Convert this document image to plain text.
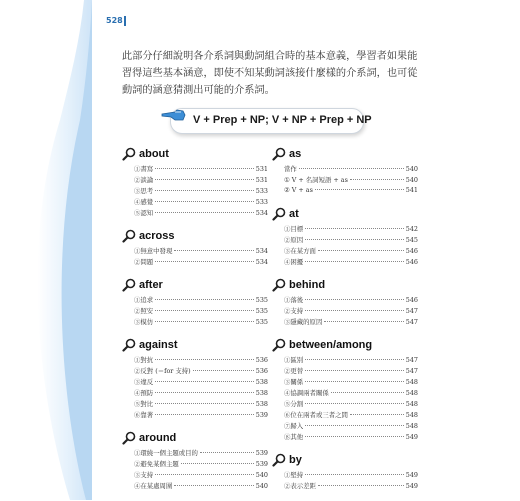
528
此部分仔細說明各介系詞與動詞組合時的基本意義，學習者如果能習得這些基本涵意，即使不知某動詞該接什麼樣的介系詞，也可從動詞的涵意猜測出可能的介系詞。
V + Prep + NP; V + NP + Prep + NP
about
①書寫	531
②談論	531
③思考	533
④感覺	533
⑤認知	534
across
①無意中發現	534
②問題	534
after
①追求	535
②照安	535
③模仿	535
against
①對抗	536
②反對 (＝for 支持)	536
③違反	538
④預防	538
⑤對比	538
⑥靠著	539
around
①環繞一個主題或目的	539
②避免某個主題	539
③支持	540
④在某處周圍	540
as
當作	540
① V + 名詞短語 + as	540
② V + as	541
at
①目標	542
②原因	545
③在某方面	546
④困擾	546
behind
①落後	546
②支持	547
③隱藏的原因	547
between/among
①區別	547
②更替	547
③關係	548
④協調兩者關係	548
⑤分割	548
⑥位在兩者或三者之間	548
⑦歸入	548
⑧其他	549
by
①堅持	549
②表示差距	549
